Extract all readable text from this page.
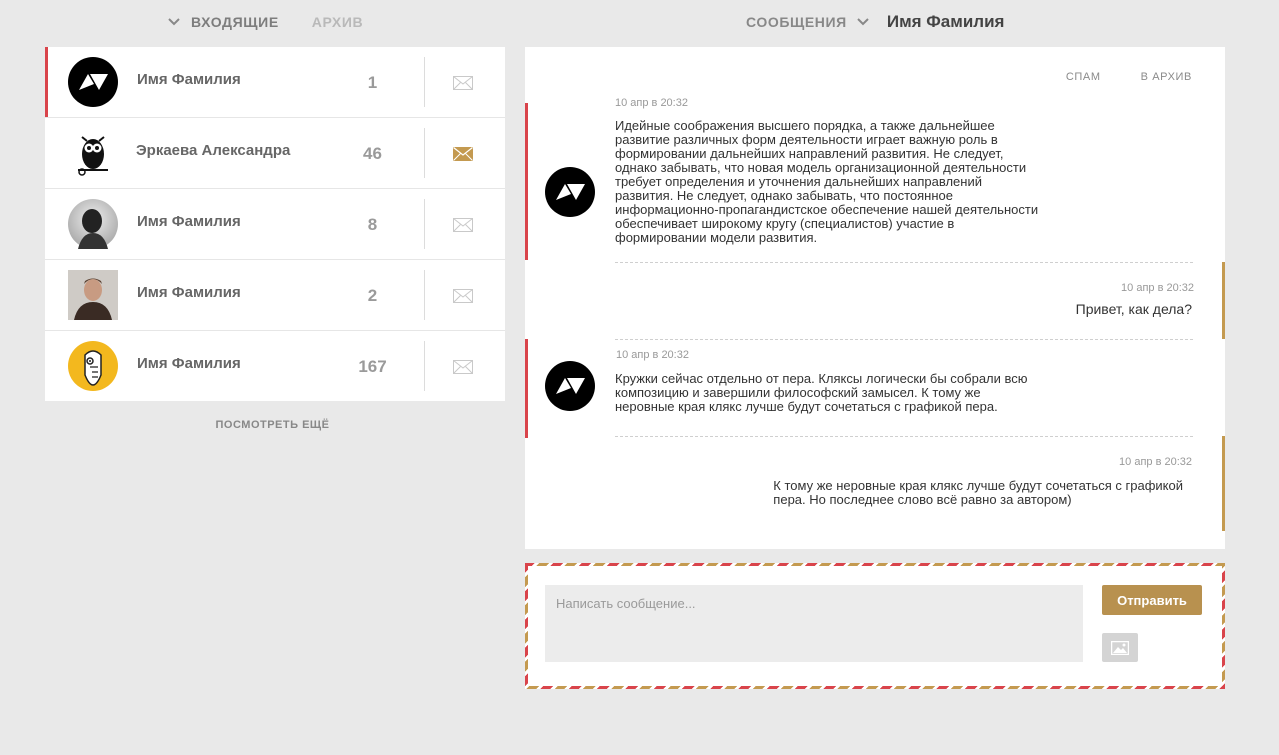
ВХОДЯЩИЕ АРХИВ	СООБЩЕНИЯ Имя Фамилия
Имя Фамилия	1
Эркаева Александра	46
Имя Фамилия	8
Имя Фамилия	2
Имя Фамилия	167
ПОСМОТРЕТЬ ЕЩЁ
СПАМ	В АРХИВ
10 апр в 20:32
Идейные соображения высшего порядка, а также дальнейшее
развитие различных форм деятельности играет важную роль в
формировании дальнейших направлений развития. Не следует,
однако забывать, что новая модель организационной деятельности
требует определения и уточнения дальнейших направлений
развития. Не следует, однако забывать, что постоянное
информационно-пропагандистское обеспечение нашей деятельности
обеспечивает широкому кругу (специалистов) участие в
формировании модели развития.
10 апр в 20:32
Привет, как дела?
10 апр в 20:32
Кружки сейчас отдельно от пера. Кляксы логически бы собрали всю
композицию и завершили философский замысел. К тому же
неровные края клякс лучше будут сочетаться с графикой пера.
10 апр в 20:32
К тому же неровные края клякс лучше будут сочетаться с графикой
пера. Но последнее слово всё равно за автором)
Написать сообщение...
Отправить
